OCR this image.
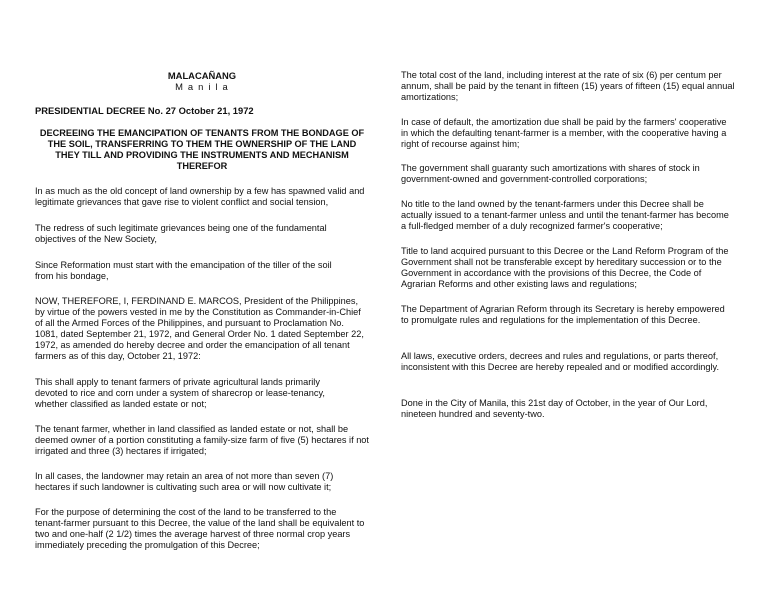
MALACAÑANG
M a n i l a
PRESIDENTIAL DECREE No. 27 October 21, 1972
DECREEING THE EMANCIPATION OF TENANTS FROM THE BONDAGE OF THE SOIL, TRANSFERRING TO THEM THE OWNERSHIP OF THE LAND THEY TILL AND PROVIDING THE INSTRUMENTS AND MECHANISM THEREFOR

In as much as the old concept of land ownership by a few has spawned valid and legitimate grievances that gave rise to violent conflict and social tension,

The redress of such legitimate grievances being one of the fundamental objectives of the New Society,

Since Reformation must start with the emancipation of the tiller of the soil from his bondage,

NOW, THEREFORE, I, FERDINAND E. MARCOS, President of the Philippines, by virtue of the powers vested in me by the Constitution as Commander-in-Chief of all the Armed Forces of the Philippines, and pursuant to Proclamation No. 1081, dated September 21, 1972, and General Order No. 1 dated September 22, 1972, as amended do hereby decree and order the emancipation of all tenant farmers as of this day, October 21, 1972:

This shall apply to tenant farmers of private agricultural lands primarily devoted to rice and corn under a system of sharecrop or lease-tenancy, whether classified as landed estate or not;

The tenant farmer, whether in land classified as landed estate or not, shall be deemed owner of a portion constituting a family-size farm of five (5) hectares if not irrigated and three (3) hectares if irrigated;

In all cases, the landowner may retain an area of not more than seven (7) hectares if such landowner is cultivating such area or will now cultivate it;

For the purpose of determining the cost of the land to be transferred to the tenant-farmer pursuant to this Decree, the value of the land shall be equivalent to two and one-half (2 1/2) times the average harvest of three normal crop years immediately preceding the promulgation of this Decree;

The total cost of the land, including interest at the rate of six (6) per centum per annum, shall be paid by the tenant in fifteen (15) years of fifteen (15) equal annual amortizations;

In case of default, the amortization due shall be paid by the farmers' cooperative in which the defaulting tenant-farmer is a member, with the cooperative having a right of recourse against him;

The government shall guaranty such amortizations with shares of stock in government-owned and government-controlled corporations;

No title to the land owned by the tenant-farmers under this Decree shall be actually issued to a tenant-farmer unless and until the tenant-farmer has become a full-fledged member of a duly recognized farmer's cooperative;

Title to land acquired pursuant to this Decree or the Land Reform Program of the Government shall not be transferable except by hereditary succession or to the Government in accordance with the provisions of this Decree, the Code of Agrarian Reforms and other existing laws and regulations;

The Department of Agrarian Reform through its Secretary is hereby empowered to promulgate rules and regulations for the implementation of this Decree.

All laws, executive orders, decrees and rules and regulations, or parts thereof, inconsistent with this Decree are hereby repealed and or modified accordingly.

Done in the City of Manila, this 21st day of October, in the year of Our Lord, nineteen hundred and seventy-two.
